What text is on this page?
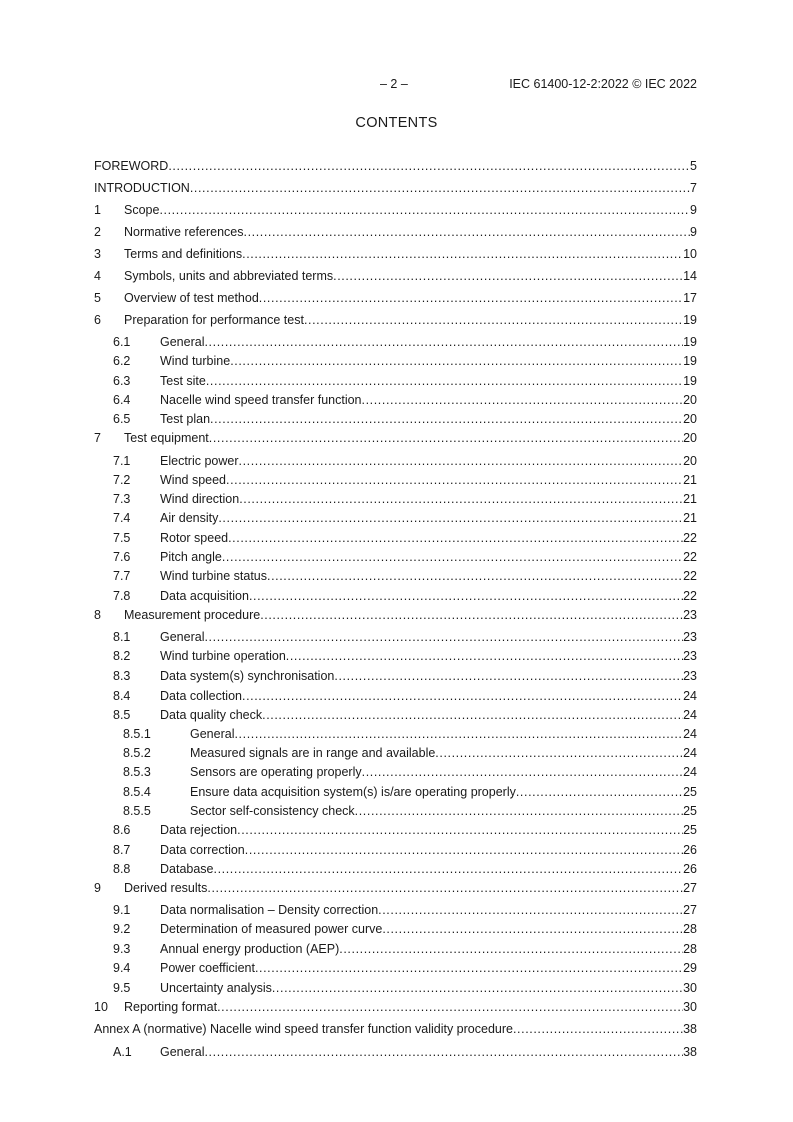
– 2 –	IEC 61400-12-2:2022 © IEC 2022
CONTENTS
FOREWORD .....	5
INTRODUCTION .....	7
1 Scope .....	9
2 Normative references .....	9
3 Terms and definitions .....	10
4 Symbols, units and abbreviated terms .....	14
5 Overview of test method .....	17
6 Preparation for performance test .....	19
6.1 General .....	19
6.2 Wind turbine .....	19
6.3 Test site .....	19
6.4 Nacelle wind speed transfer function .....	20
6.5 Test plan .....	20
7 Test equipment .....	20
7.1 Electric power .....	20
7.2 Wind speed .....	21
7.3 Wind direction .....	21
7.4 Air density .....	21
7.5 Rotor speed .....	22
7.6 Pitch angle .....	22
7.7 Wind turbine status .....	22
7.8 Data acquisition .....	22
8 Measurement procedure .....	23
8.1 General .....	23
8.2 Wind turbine operation .....	23
8.3 Data system(s) synchronisation .....	23
8.4 Data collection .....	24
8.5 Data quality check .....	24
8.5.1	General .....	24
8.5.2	Measured signals are in range and available .....	24
8.5.3	Sensors are operating properly .....	24
8.5.4	Ensure data acquisition system(s) is/are operating properly .....	25
8.5.5	Sector self-consistency check .....	25
8.6 Data rejection .....	25
8.7 Data correction .....	26
8.8 Database .....	26
9 Derived results .....	27
9.1 Data normalisation – Density correction .....	27
9.2 Determination of measured power curve .....	28
9.3 Annual energy production (AEP) .....	28
9.4 Power coefficient .....	29
9.5 Uncertainty analysis .....	30
10 Reporting format .....	30
Annex A (normative) Nacelle wind speed transfer function validity procedure .....	38
A.1 General .....	38
